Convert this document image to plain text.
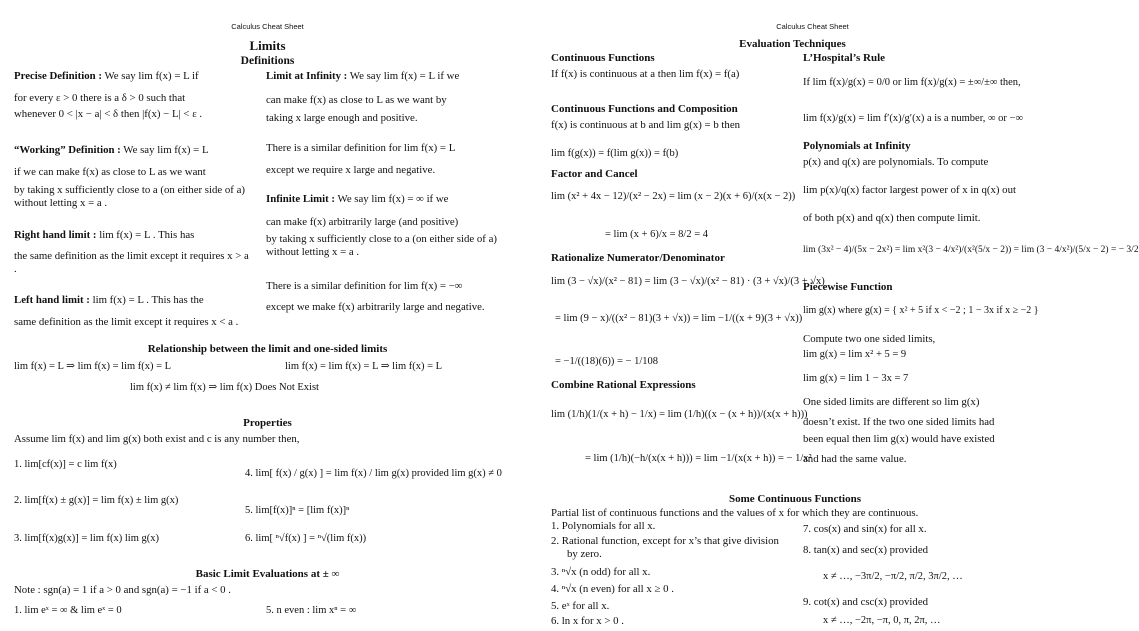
Calculus Cheat Sheet
Limits
Definitions
Precise Definition : We say lim f(x) = L if
for every ε > 0 there is a δ > 0 such that
whenever 0 < |x − a| < δ then |f(x) − L| < ε .
“Working” Definition : We say lim f(x) = L
if we can make f(x) as close to L as we want
by taking x sufficiently close to a (on either side of a) without letting x = a .
Right hand limit : lim f(x) = L . This has
the same definition as the limit except it requires x > a .
Left hand limit : lim f(x) = L . This has the
same definition as the limit except it requires x < a .
Limit at Infinity : We say lim f(x) = L if we
can make f(x) as close to L as we want by
taking x large enough and positive.
There is a similar definition for lim f(x) = L
except we require x large and negative.
Infinite Limit : We say lim f(x) = ∞ if we
can make f(x) arbitrarily large (and positive)
by taking x sufficiently close to a (on either side of a) without letting x = a .
There is a similar definition for lim f(x) = −∞
except we make f(x) arbitrarily large and negative.
Relationship between the limit and one-sided limits
lim f(x) = L ⇒ lim f(x) = lim f(x) = L	lim f(x) = lim f(x) = L ⇒ lim f(x) = L
lim f(x) ≠ lim f(x) ⇒ lim f(x) Does Not Exist
Properties
Assume lim f(x) and lim g(x) both exist and c is any number then,
1. lim[cf(x)] = c lim f(x)
2. lim[f(x) ± g(x)] = lim f(x) ± lim g(x)
3. lim[f(x)g(x)] = lim f(x) lim g(x)
4. lim[ f(x) / g(x) ] = lim f(x) / lim g(x) provided lim g(x) ≠ 0
5. lim[f(x)]ⁿ = [lim f(x)]ⁿ
6. lim[ ⁿ√f(x) ] = ⁿ√(lim f(x))
Basic Limit Evaluations at ± ∞
Note : sgn(a) = 1 if a > 0 and sgn(a) = −1 if a < 0 .
1. lim eˣ = ∞ & lim eˣ = 0	5. n even : lim xⁿ = ∞
Calculus Cheat Sheet
Evaluation Techniques
Continuous Functions
If f(x) is continuous at a then lim f(x) = f(a)
Continuous Functions and Composition
f(x) is continuous at b and lim g(x) = b then
lim f(g(x)) = f(lim g(x)) = f(b)
Factor and Cancel
lim (x² + 4x − 12)/(x² − 2x) = lim (x − 2)(x + 6)/(x(x − 2))
= lim (x + 6)/x = 8/2 = 4
Rationalize Numerator/Denominator
lim (3 − √x)/(x² − 81) = lim (3 − √x)/(x² − 81) · (3 + √x)/(3 + √x)
= lim (9 − x)/((x² − 81)(3 + √x)) = lim −1/((x + 9)(3 + √x))
= −1/((18)(6)) = − 1/108
Combine Rational Expressions
lim (1/h)(1/(x + h) − 1/x) = lim (1/h)((x − (x + h))/(x(x + h)))
= lim (1/h)(−h/(x(x + h))) = lim −1/(x(x + h)) = − 1/x²
L’Hospital’s Rule
If lim f(x)/g(x) = 0/0 or lim f(x)/g(x) = ±∞/±∞ then,
lim f(x)/g(x) = lim f′(x)/g′(x) a is a number, ∞ or −∞
Polynomials at Infinity
p(x) and q(x) are polynomials. To compute
lim p(x)/q(x) factor largest power of x in q(x) out
of both p(x) and q(x) then compute limit.
lim (3x² − 4)/(5x − 2x²) = lim x²(3 − 4/x²)/(x²(5/x − 2)) = lim (3 − 4/x²)/(5/x − 2) = − 3/2
Piecewise Function
lim g(x) where g(x) = { x² + 5 if x < −2 ; 1 − 3x if x ≥ −2 }
Compute two one sided limits,
lim g(x) = lim x² + 5 = 9
lim g(x) = lim 1 − 3x = 7
One sided limits are different so lim g(x)
doesn’t exist. If the two one sided limits had
been equal then lim g(x) would have existed
and had the same value.
Some Continuous Functions
Partial list of continuous functions and the values of x for which they are continuous.
1. Polynomials for all x.
2. Rational function, except for x’s that give division by zero.
3. ⁿ√x (n odd) for all x.
4. ⁿ√x (n even) for all x ≥ 0 .
5. eˣ for all x.
6. ln x for x > 0 .
7. cos(x) and sin(x) for all x.
8. tan(x) and sec(x) provided
x ≠ …, −3π/2, −π/2, π/2, 3π/2, …
9. cot(x) and csc(x) provided
x ≠ …, −2π, −π, 0, π, 2π, …
